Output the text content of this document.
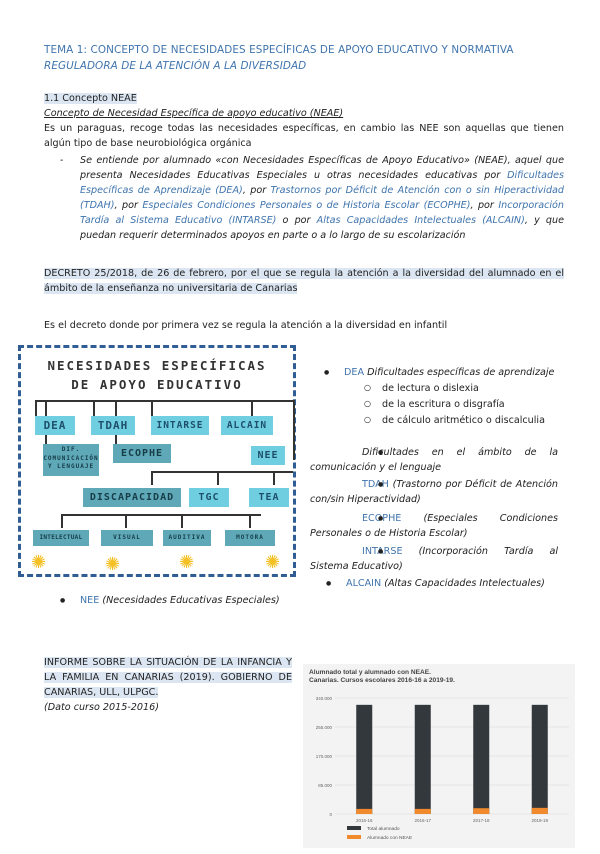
TEMA 1: CONCEPTO DE NECESIDADES ESPECÍFICAS DE APOYO EDUCATIVO Y NORMATIVA
REGULADORA DE LA ATENCIÓN A LA DIVERSIDAD

1.1 Concepto NEAE

Concepto de Necesidad Específica de apoyo educativo (NEAE)

Es un paraguas, recoge todas las necesidades específicas, en cambio las NEE son aquellas que tienen algún tipo de base neurobiológica orgánica

- Se entiende por alumnado «con Necesidades Específicas de Apoyo Educativo» (NEAE), aquel que presenta Necesidades Educativas Especiales u otras necesidades educativas por Dificultades Específicas de Aprendizaje (DEA), por Trastornos por Déficit de Atención con o sin Hiperactividad (TDAH), por Especiales Condiciones Personales o de Historia Escolar (ECOPHE), por Incorporación Tardía al Sistema Educativo (INTARSE) o por Altas Capacidades Intelectuales (ALCAIN), y que puedan requerir determinados apoyos en parte o a lo largo de su escolarización

DECRETO 25/2018, de 26 de febrero, por el que se regula la atención a la diversidad del alumnado en el ámbito de la enseñanza no universitaria de Canarias

Es el decreto donde por primera vez se regula la atención a la diversidad en infantil
NECESIDADES ESPECÍFICAS
DE APOYO EDUCATIVO
DEA	TDAH	INTARSE	ALCAIN
DIF.
COMUNICACIÓN
Y LENGUAJE
ECOPHE	NEE
DISCAPACIDAD	TGC	TEA
INTELECTUAL	VISUAL	AUDITIVA	MOTORA
✺	✺	✺	✺
DEA Dificultades específicas de aprendizaje
de lectura o dislexia
de la escritura o disgrafía
de cálculo aritmético o discalculia
Dificultades en el ámbito de la comunicación y el lenguaje
TDAH (Trastorno por Déficit de Atención con/sin Hiperactividad)
ECOPHE (Especiales Condiciones Personales o de Historia Escolar)
INTARSE (Incorporación Tardía al Sistema Educativo)
ALCAIN (Altas Capacidades Intelectuales)
NEE (Necesidades Educativas Especiales)

INFORME SOBRE LA SITUACIÓN DE LA INFANCIA Y LA FAMILIA EN CANARIAS (2019). GOBIERNO DE CANARIAS, ULL, ULPGC.

(Dato curso 2015-2016)

Alumnado total y alumnado con NEAE. Canarias. Cursos escolares 2016-16 a 2019-19.
0
85.000
170.000
255.000
340.000
2016-16	2016-17	2017-18	2019-19
Total alumnado
Alumnado con NEAE
